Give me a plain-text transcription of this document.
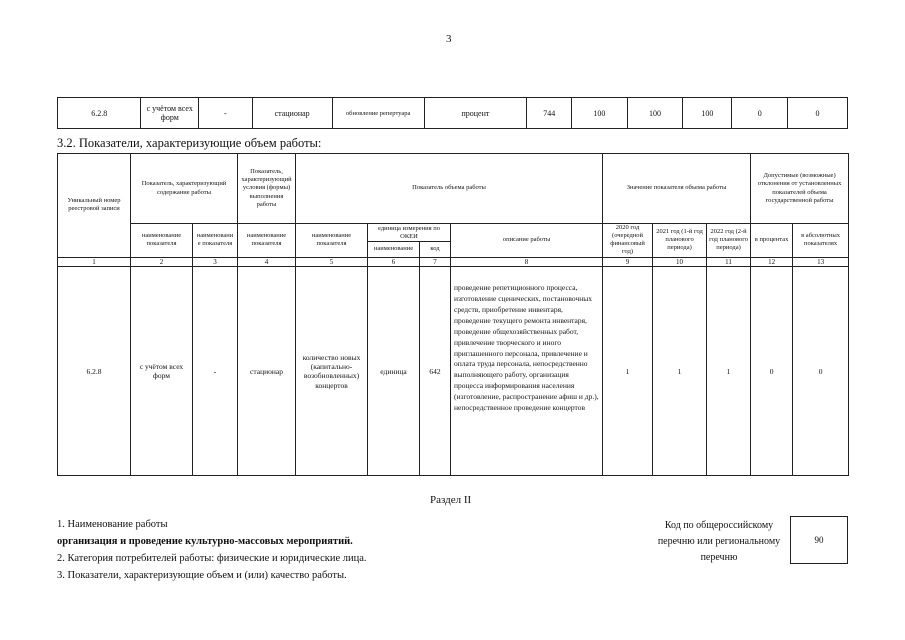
3
6.2.8	с учётом всех форм	-	стационар	обновление репертуара	процент	744	100	100	100	0	0
3.2. Показатели, характеризующие объем работы:
Уникальный номер реестровой записи	Показатель, характеризующий содержание работы		Показатель, характеризующий условия (формы) выполнения работы	Показатель объема работы				Значение показателя объема работы			Допустимые (возможные) отклонения от установленных показателей объема государственной работы	
	наименование показателя	наименовани е показателя	наименование показателя	наименование показателя	единица измерения по ОКЕИ		описание работы	2020 год (очередной финансовый год)	2021 год (1-й год планового периода)	2022 год (2-й год планового периода)	в процентах	в абсолютных показателях
					наименование	код						
1	2	3	4	5	6	7	8	9	10	11	12	13
6.2.8	с учётом всех форм	-	стационар	количество новых (капитально-возобновленных) концертов	единица	642	проведение репетиционного процесса, изготовление сценических, постановочных средств, приобретение инвентаря, проведение текущего ремонта инвентаря, проведение общехозяйственных работ, привлечение творческого и иного приглашенного персонала, привлечение и оплата труда персонала, непосредственно выполняющего работу, организация процесса информирования населения (изготовление, распространение афиш и др.), непосредственное проведение концертов	1	1	1	0	0
Раздел II
1. Наименование работы
организация и проведение культурно-массовых мероприятий.
2. Категория потребителей работы: физические и юридические лица.
3. Показатели, характеризующие объем и (или) качество работы.
Код по общероссийскому перечню или региональному перечню
90
